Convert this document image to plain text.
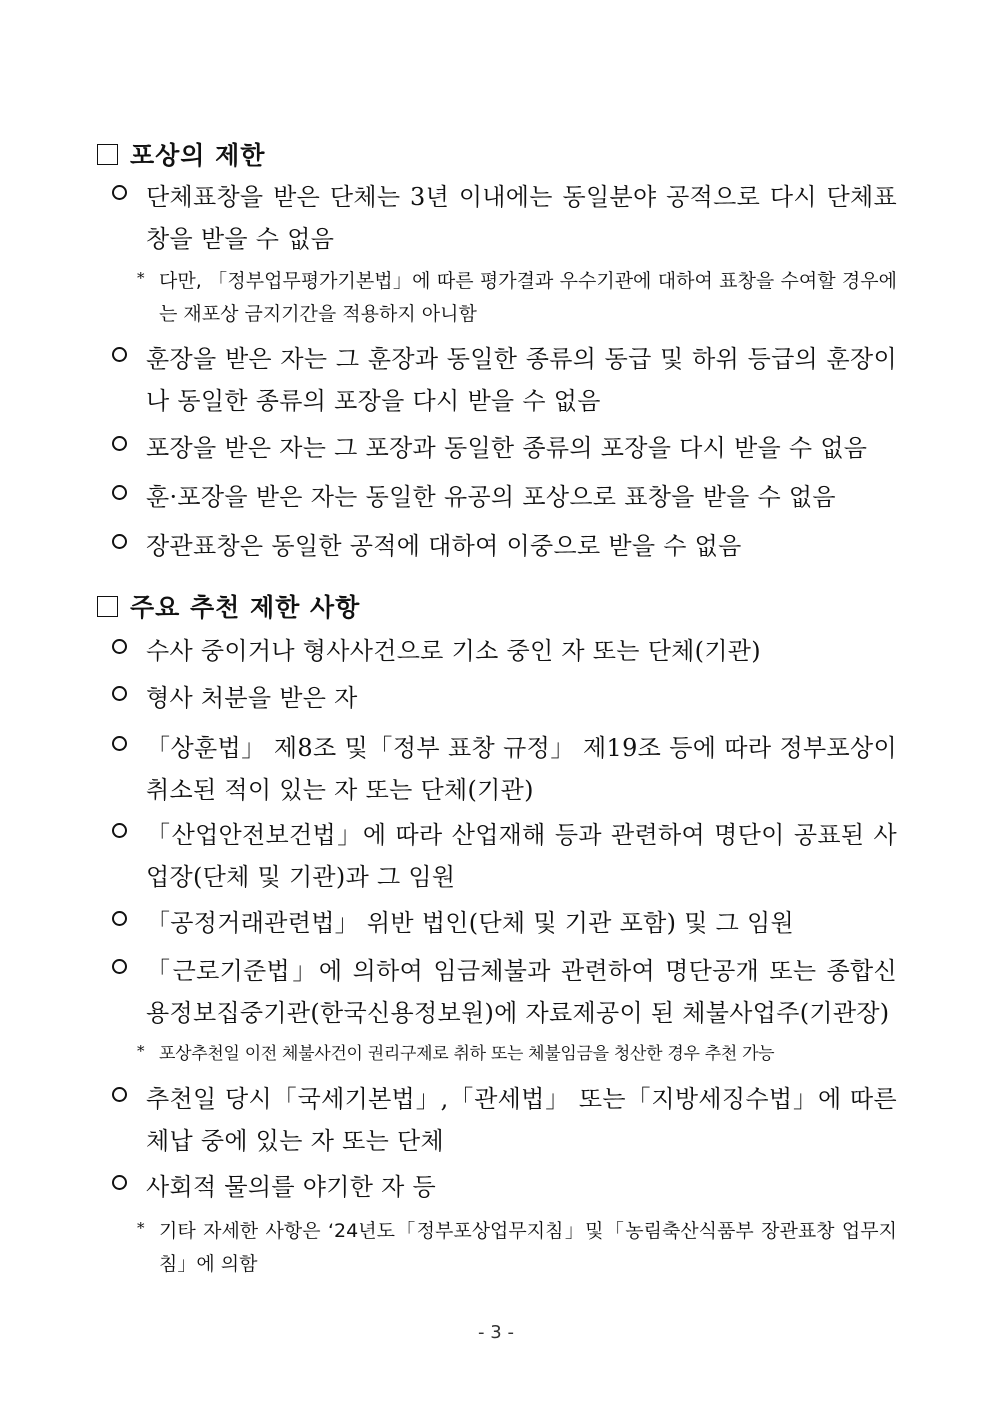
포상의 제한
단체표창을 받은 단체는 3년 이내에는 동일분야 공적으로 다시 단체표창을 받을 수 없음
* 다만, 「정부업무평가기본법」에 따른 평가결과 우수기관에 대하여 표창을 수여할 경우에는 재포상 금지기간을 적용하지 아니함
훈장을 받은 자는 그 훈장과 동일한 종류의 동급 및 하위 등급의 훈장이나 동일한 종류의 포장을 다시 받을 수 없음
포장을 받은 자는 그 포장과 동일한 종류의 포장을 다시 받을 수 없음
훈·포장을 받은 자는 동일한 유공의 포상으로 표창을 받을 수 없음
장관표창은 동일한 공적에 대하여 이중으로 받을 수 없음
주요 추천 제한 사항
수사 중이거나 형사사건으로 기소 중인 자 또는 단체(기관)
형사 처분을 받은 자
「상훈법」 제8조 및「정부 표창 규정」 제19조 등에 따라 정부포상이 취소된 적이 있는 자 또는 단체(기관)
「산업안전보건법」에 따라 산업재해 등과 관련하여 명단이 공표된 사업장(단체 및 기관)과 그 임원
「공정거래관련법」 위반 법인(단체 및 기관 포함) 및 그 임원
「근로기준법」에 의하여 임금체불과 관련하여 명단공개 또는 종합신용정보집중기관(한국신용정보원)에 자료제공이 된 체불사업주(기관장)
* 포상추천일 이전 체불사건이 권리구제로 취하 또는 체불임금을 청산한 경우 추천 가능
추천일 당시「국세기본법」,「관세법」 또는「지방세징수법」에 따른 체납 중에 있는 자 또는 단체
사회적 물의를 야기한 자 등
* 기타 자세한 사항은 ‘24년도「정부포상업무지침」및「농림축산식품부 장관표창 업무지침」에 의함
- 3 -
